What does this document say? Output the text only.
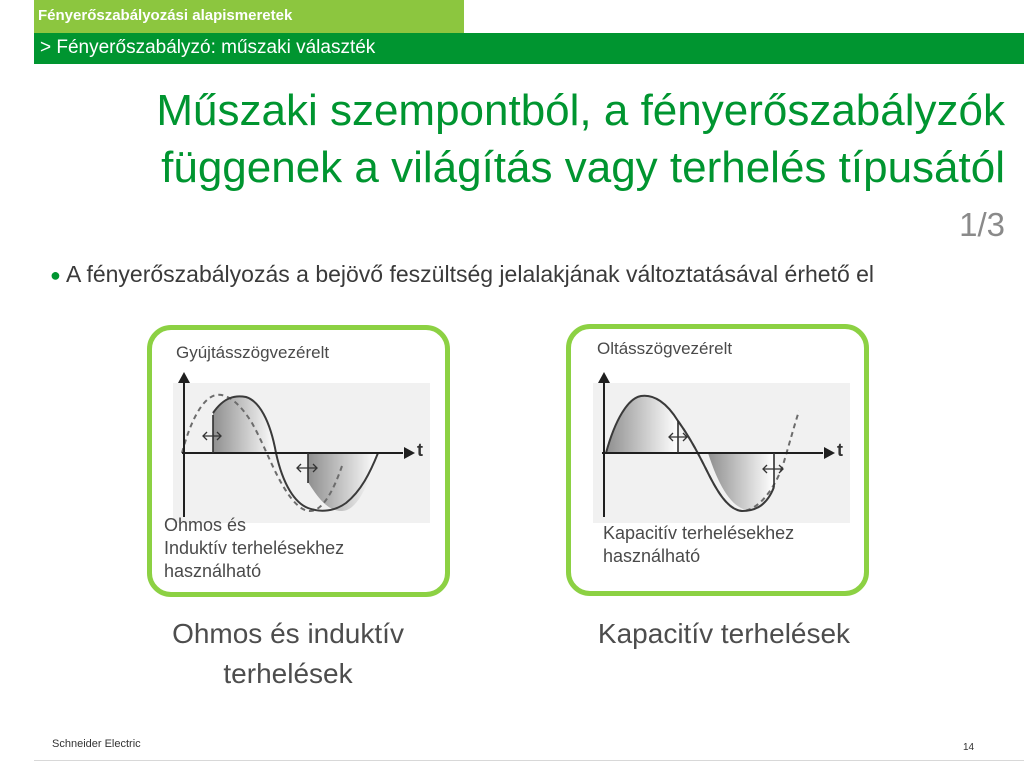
Fényerőszabályozási alapismeretek
> Fényerőszabályzó: műszaki választék
Műszaki szempontból, a fényerőszabályzók
függenek a világítás vagy terhelés típusától
1/3
● A fényerőszabályozás a bejövő feszültség jelalakjának változtatásával érhető el
Gyújtásszögvezérelt
t
Ohmos és
Induktív terhelésekhez
használható
Oltásszögvezérelt
t
Kapacitív terhelésekhez
használható
Ohmos és induktív
terhelések
Kapacitív terhelések
Schneider Electric	14
